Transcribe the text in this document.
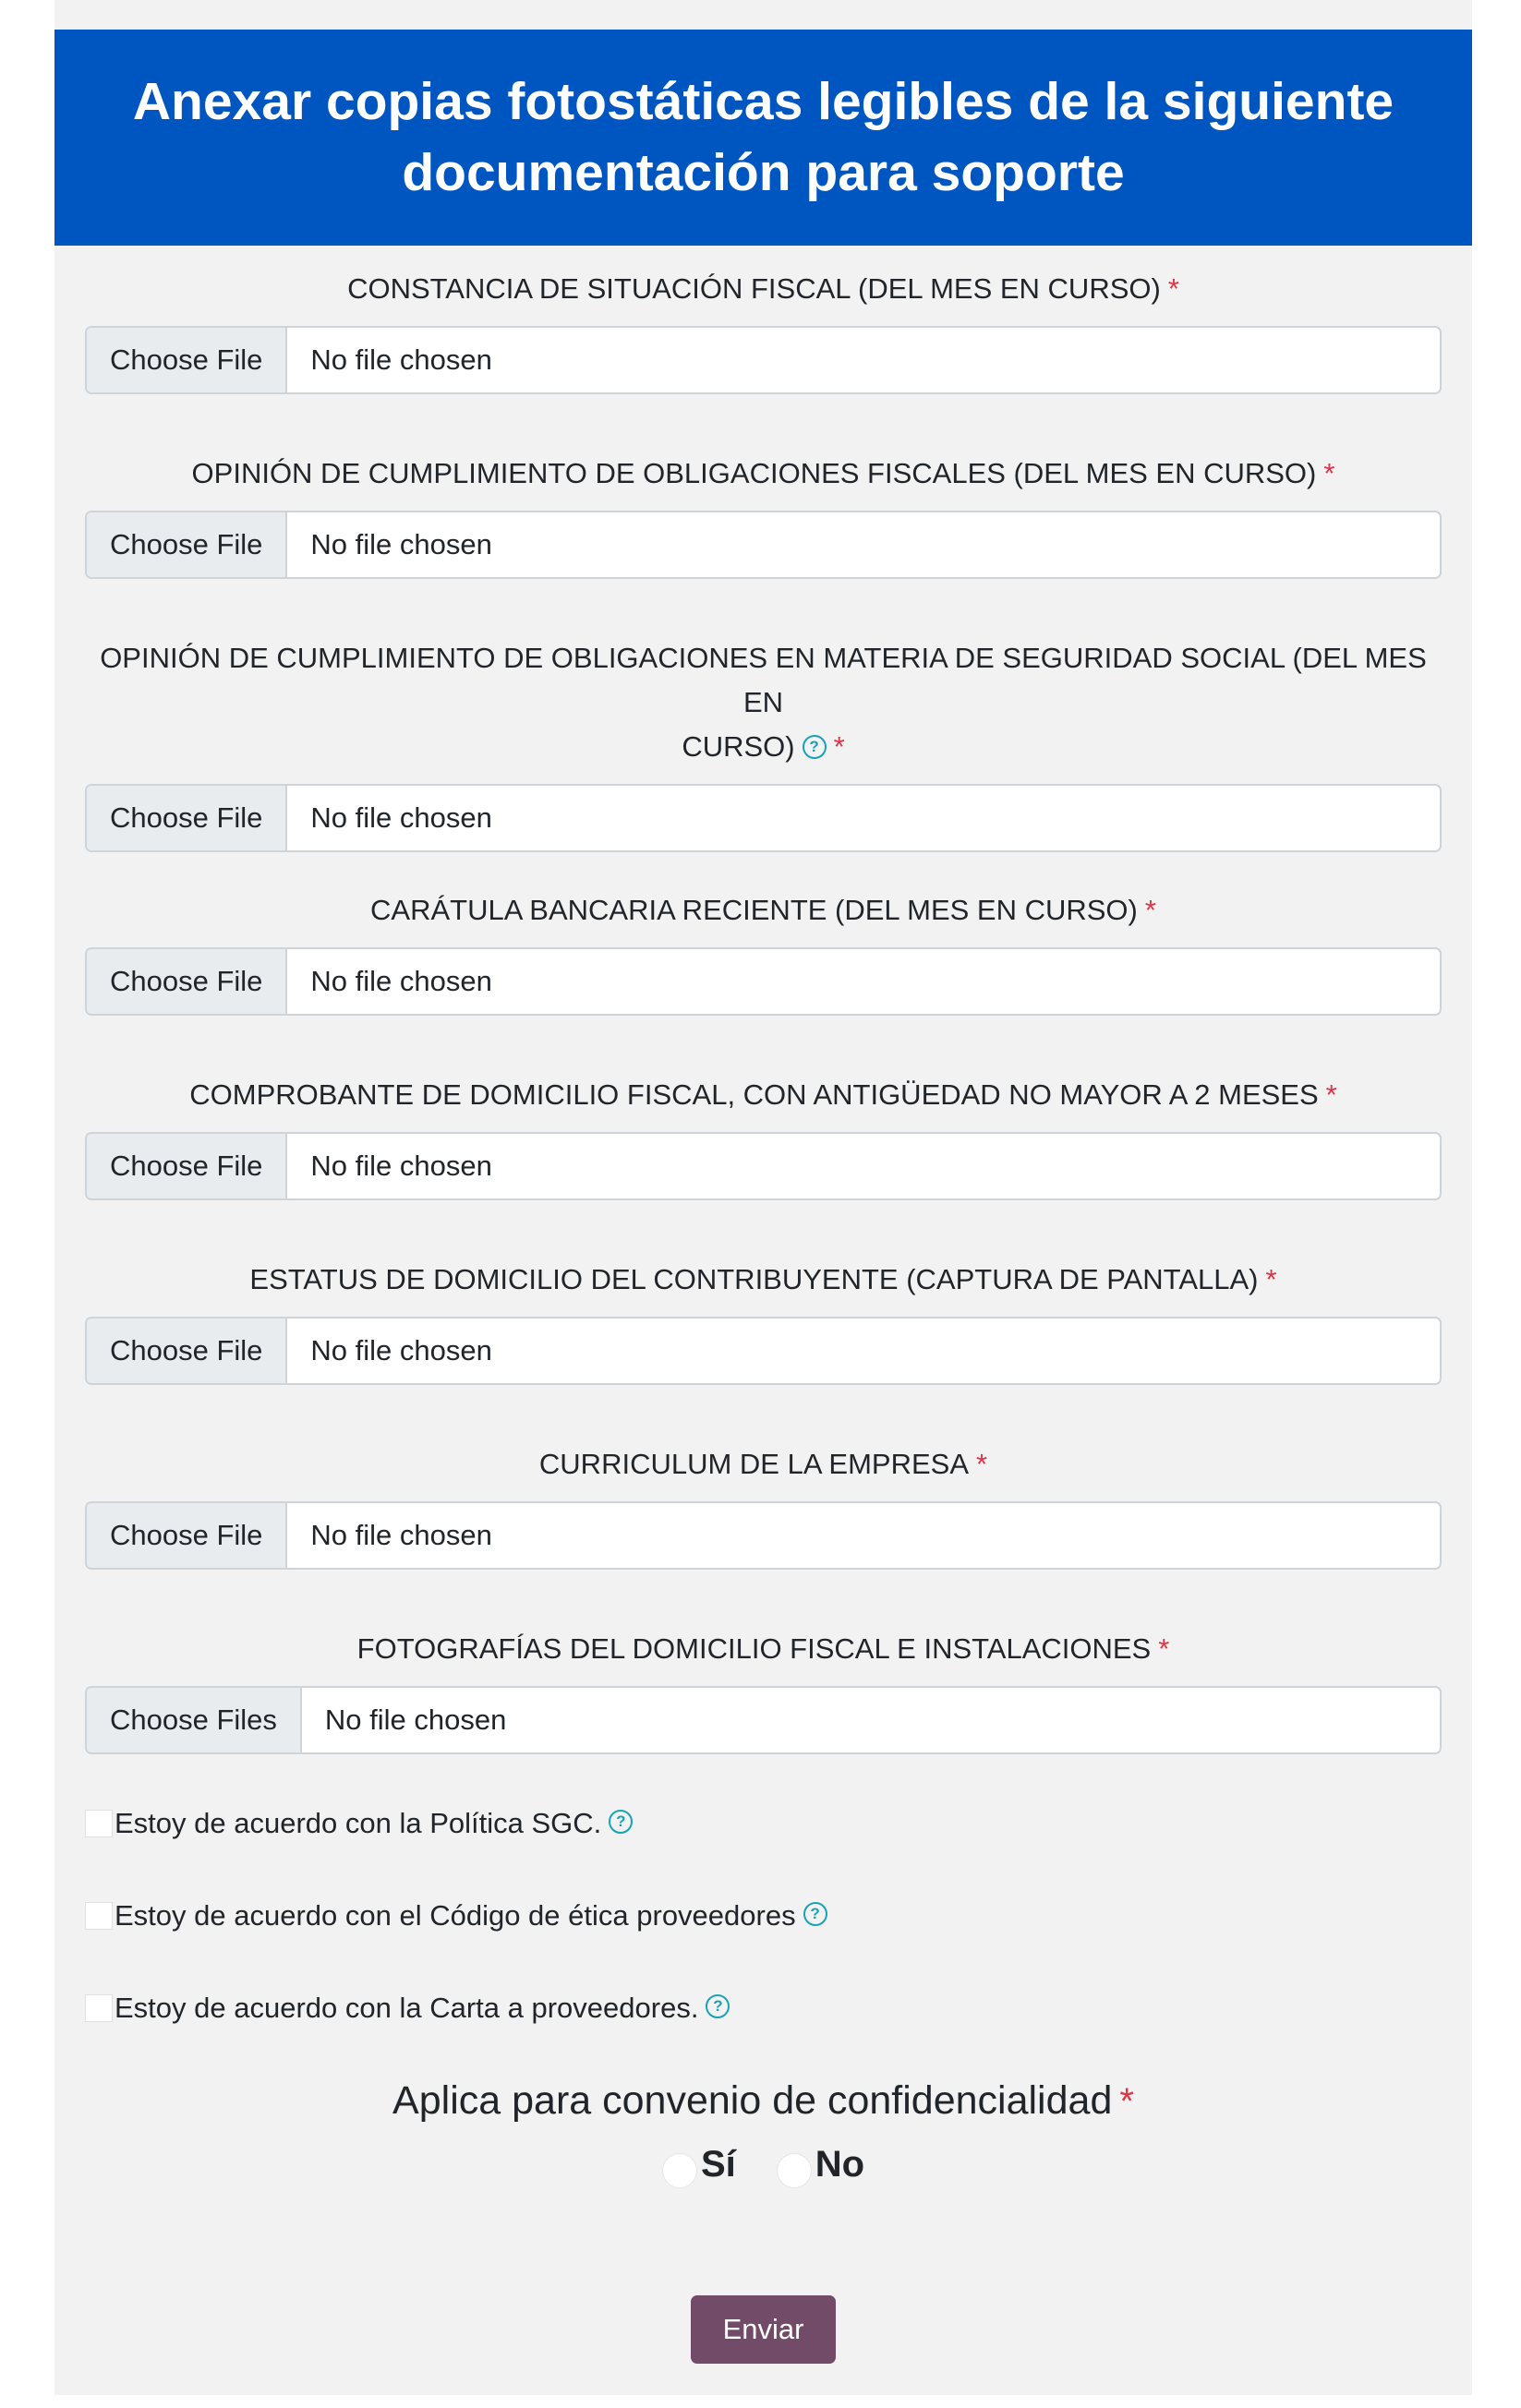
Anexar copias fotostáticas legibles de la siguiente documentación para soporte
CONSTANCIA DE SITUACIÓN FISCAL (DEL MES EN CURSO) *
Choose File	No file chosen
OPINIÓN DE CUMPLIMIENTO DE OBLIGACIONES FISCALES (DEL MES EN CURSO) *
Choose File	No file chosen
OPINIÓN DE CUMPLIMIENTO DE OBLIGACIONES EN MATERIA DE SEGURIDAD SOCIAL (DEL MES EN
CURSO) ? *
Choose File	No file chosen
CARÁTULA BANCARIA RECIENTE (DEL MES EN CURSO) *
Choose File	No file chosen
COMPROBANTE DE DOMICILIO FISCAL, CON ANTIGÜEDAD NO MAYOR A 2 MESES *
Choose File	No file chosen
ESTATUS DE DOMICILIO DEL CONTRIBUYENTE (CAPTURA DE PANTALLA) *
Choose File	No file chosen
CURRICULUM DE LA EMPRESA *
Choose File	No file chosen
FOTOGRAFÍAS DEL DOMICILIO FISCAL E INSTALACIONES *
Choose Files	No file chosen
Estoy de acuerdo con la Política SGC. ?
Estoy de acuerdo con el Código de ética proveedores ?
Estoy de acuerdo con la Carta a proveedores. ?
Aplica para convenio de confidencialidad *
Sí No
Enviar
